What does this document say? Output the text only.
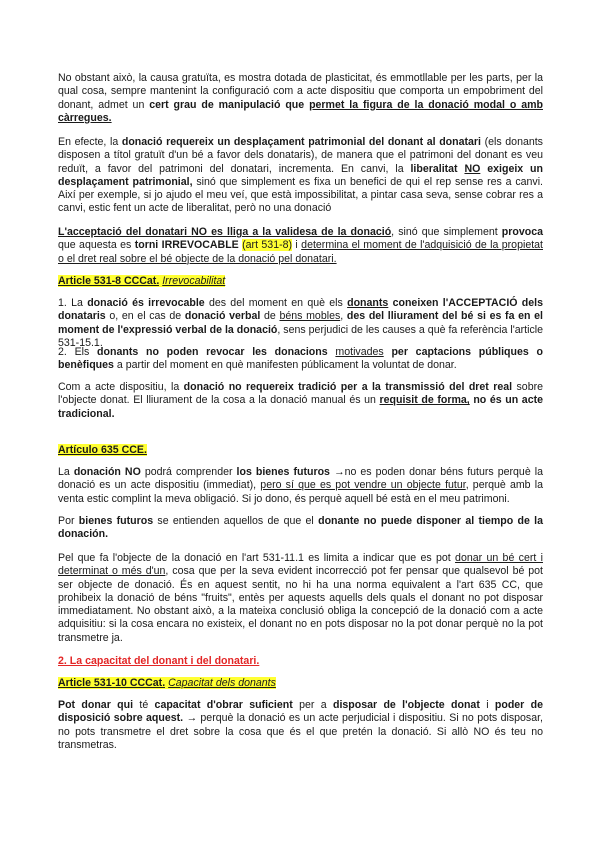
No obstant això, la causa gratuïta, es mostra dotada de plasticitat, és emmotllable per les parts, per la qual cosa, sempre mantenint la configuració com a acte dispositiu que comporta un empobriment del donant, admet un cert grau de manipulació que permet la figura de la donació modal o amb càrregues.

En efecte, la donació requereix un desplaçament patrimonial del donant al donatari (els donants disposen a títol gratuït d'un bé a favor dels donataris), de manera que el patrimoni del donant es veu reduït, a favor del patrimoni del donatari, incrementa. En canvi, la liberalitat NO exigeix un desplaçament patrimonial, sinó que simplement es fixa un benefici de qui el rep sense res a canvi. Així per exemple, si jo ajudo el meu veí, que està impossibilitat, a pintar casa seva, sense cobrar res a canvi, estic fent un acte de liberalitat, però no una donació

L'acceptació del donatari NO es lliga a la validesa de la donació, sinó que simplement provoca que aquesta es torni IRREVOCABLE (art 531-8) i determina el moment de l'adquisició de la propietat o el dret real sobre el bé objecte de la donació pel donatari.

Article 531-8 CCCat. Irrevocabilitat

1. La donació és irrevocable des del moment en què els donants coneixen l'ACCEPTACIÓ dels donataris o, en el cas de donació verbal de béns mobles, des del lliurament del bé si es fa en el moment de l'expressió verbal de la donació, sens perjudici de les causes a què fa referència l'article 531-15.1.

2. Els donants no poden revocar les donacions motivades per captacions públiques o benèfiques a partir del moment en què manifesten públicament la voluntat de donar.

Com a acte dispositiu, la donació no requereix tradició per a la transmissió del dret real sobre l'objecte donat. El lliurament de la cosa a la donació manual és un requisit de forma, no és un acte tradicional.

Artículo 635 CCE.

La donación NO podrá comprender los bienes futuros →no es poden donar béns futurs perquè la donació es un acte dispositiu (immediat), pero sí que es pot vendre un objecte futur, perquè amb la venta estic complint la meva obligació. Si jo dono, és perquè aquell bé està en el meu patrimoni.

Por bienes futuros se entienden aquellos de que el donante no puede disponer al tiempo de la donación.

Pel que fa l'objecte de la donació en l'art 531-11.1 es limita a indicar que es pot donar un bé cert i determinat o més d'un, cosa que per la seva evident incorrecció pot fer pensar que qualsevol bé pot ser objecte de donació. És en aquest sentit, no hi ha una norma equivalent a l'art 635 CC, que prohibeix la donació de béns "fruits", entès per aquests aquells dels quals el donant no pot disposar immediatament. No obstant això, a la mateixa conclusió obliga la concepció de la donació com a acte adquisitiu: si la cosa encara no existeix, el donant no en pots disposar no la pot donar perquè no la pot transmetre ja.

2. La capacitat del donant i del donatari.

Article 531-10 CCCat. Capacitat dels donants

Pot donar qui té capacitat d'obrar suficient per a disposar de l'objecte donat i poder de disposició sobre aquest. → perquè la donació es un acte perjudicial i dispositiu. Si no pots disposar, no pots transmetre el dret sobre la cosa que és el que pretén la donació. Si allò NO és teu no transmetras.
